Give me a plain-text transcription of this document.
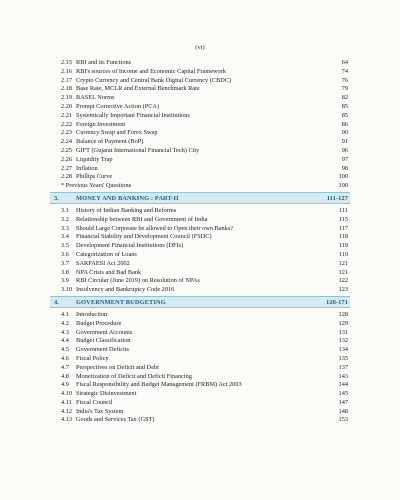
(vi)
2.15 RBI and its Functions	64
2.16 RBI's sources of Income and Economic Capital Framework	74
2.17 Crypto Currency and Central Bank Digital Currency (CBDC)	76
2.18 Base Rate, MCLR and External Benchmark Rate	79
2.19 BASEL Norms	82
2.20 Prompt Corrective Action (PCA)	85
2.21 Systemically Important Financial Institutions	85
2.22 Foreign Investment	86
2.23 Currency Swap and Forex Swap	90
2.24 Balance of Payment (BoP)	91
2.25 GIFT (Gujarat International Financial Tech) City	96
2.26 Liquidity Trap	97
2.27 Inflation	98
2.28 Phillips Curve	100
* Previous Years' Questions	100
3.	MONEY AND BANKING : PART-II	111-127
3.1	History of Indian Banking and Reforms	111
3.2	Relationship between RBI and Government of India	115
3.3	Should Large Corporate be allowed to Open their own Banks?	117
3.4	Financial Stability and Development Council (FSDC)	118
3.5	Development Financial Institutions (DFIs)	119
3.6	Categorization of Loans	119
3.7	SARFAESI Act 2002	121
3.8	NPA Crisis and Bad Bank	121
3.9	RBI Circular (June 2019) on Resolution of NPAs	122
3.10 Insolvency and Bankruptcy Code 2016	123
4.	GOVERNMENT BUDGETING	128-171
4.1	Introduction	128
4.2	Budget Procedure	129
4.3	Government Accounts	131
4.4	Budget Classification	132
4.5	Government Deficits	134
4.6	Fiscal Policy	135
4.7	Perspectives on Deficit and Debt	137
4.8	Monetization of Deficit and Deficit Financing	143
4.9	Fiscal Responsibility and Budget Management (FRBM) Act 2003	144
4.10 Strategic Disinvestment	145
4.11 Fiscal Council	147
4.12 India's Tax System	148
4.13 Goods and Services Tax (GST)	153
